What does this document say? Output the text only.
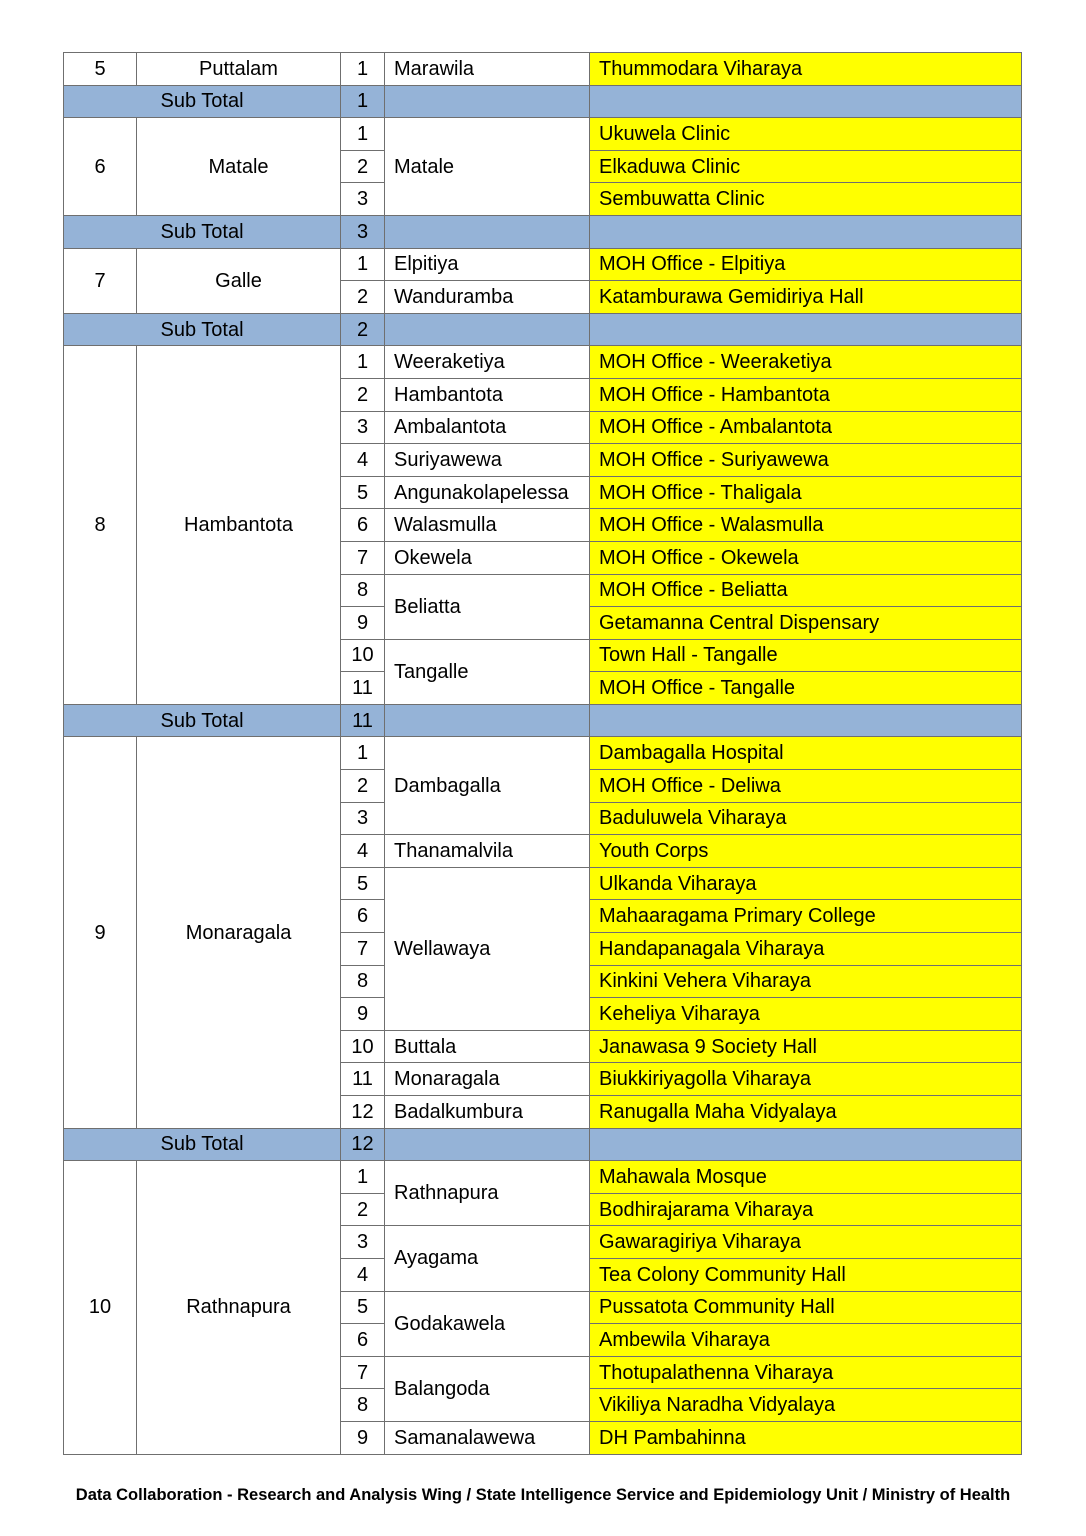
5	Puttalam	1	Marawila	Thummodara Viharaya
Sub Total		1		
6	Matale	1	Matale	Ukuwela Clinic
		2		Elkaduwa Clinic
		3		Sembuwatta Clinic
Sub Total		3		
7	Galle	1	Elpitiya	MOH Office - Elpitiya
		2	Wanduramba	Katamburawa Gemidiriya Hall
Sub Total		2		
8	Hambantota	1	Weeraketiya	MOH Office - Weeraketiya
		2	Hambantota	MOH Office - Hambantota
		3	Ambalantota	MOH Office - Ambalantota
		4	Suriyawewa	MOH Office - Suriyawewa
		5	Angunakolapelessa	MOH Office - Thaligala
		6	Walasmulla	MOH Office - Walasmulla
		7	Okewela	MOH Office - Okewela
		8	Beliatta	MOH Office - Beliatta
		9		Getamanna Central Dispensary
		10	Tangalle	Town Hall - Tangalle
		11		MOH Office - Tangalle
Sub Total		11		
9	Monaragala	1	Dambagalla	Dambagalla Hospital
		2		MOH Office - Deliwa
		3		Baduluwela Viharaya
		4	Thanamalvila	Youth Corps
		5	Wellawaya	Ulkanda Viharaya
		6		Mahaaragama Primary College
		7		Handapanagala Viharaya
		8		Kinkini Vehera Viharaya
		9		Keheliya Viharaya
		10	Buttala	Janawasa 9 Society Hall
		11	Monaragala	Biukkiriyagolla Viharaya
		12	Badalkumbura	Ranugalla Maha Vidyalaya
Sub Total		12		
10	Rathnapura	1	Rathnapura	Mahawala Mosque
		2		Bodhirajarama Viharaya
		3	Ayagama	Gawaragiriya Viharaya
		4		Tea Colony Community Hall
		5	Godakawela	Pussatota Community Hall
		6		Ambewila Viharaya
		7	Balangoda	Thotupalathenna Viharaya
		8		Vikiliya Naradha Vidyalaya
		9	Samanalawewa	DH Pambahinna
Data Collaboration - Research and Analysis Wing / State Intelligence Service and Epidemiology Unit / Ministry of Health
